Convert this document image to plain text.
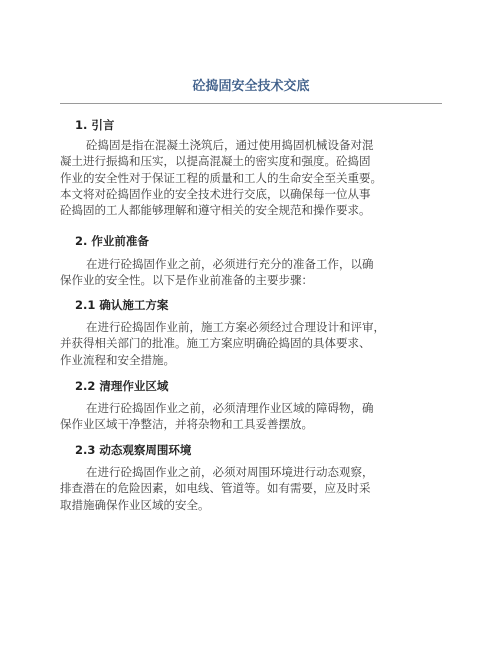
砼捣固安全技术交底
1. 引言
砼捣固是指在混凝土浇筑后，通过使用捣固机械设备对混
凝土进行振捣和压实，以提高混凝土的密实度和强度。砼捣固
作业的安全性对于保证工程的质量和工人的生命安全至关重要。
本文将对砼捣固作业的安全技术进行交底，以确保每一位从事
砼捣固的工人都能够理解和遵守相关的安全规范和操作要求。
2. 作业前准备
在进行砼捣固作业之前，必须进行充分的准备工作，以确
保作业的安全性。以下是作业前准备的主要步骤：
2.1 确认施工方案
在进行砼捣固作业前，施工方案必须经过合理设计和评审，
并获得相关部门的批准。施工方案应明确砼捣固的具体要求、
作业流程和安全措施。
2.2 清理作业区域
在进行砼捣固作业之前，必须清理作业区域的障碍物，确
保作业区域干净整洁，并将杂物和工具妥善摆放。
2.3 动态观察周围环境
在进行砼捣固作业之前，必须对周围环境进行动态观察，
排查潜在的危险因素，如电线、管道等。如有需要，应及时采
取措施确保作业区域的安全。
